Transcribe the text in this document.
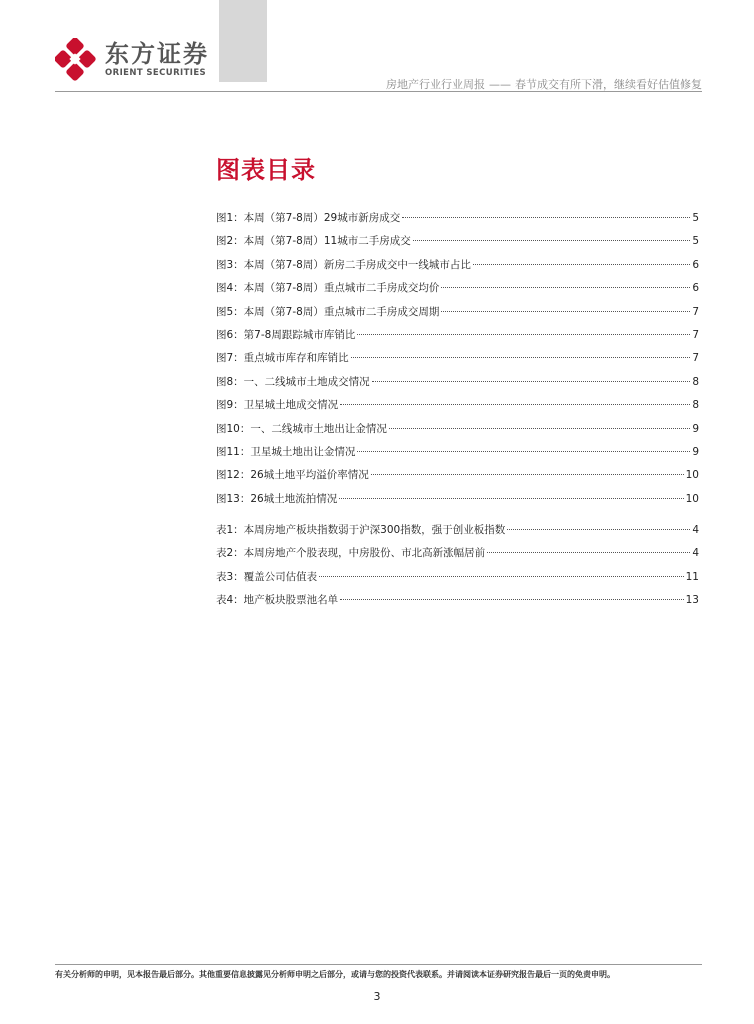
东方证券
ORIENT SECURITIES
房地产行业行业周报 —— 春节成交有所下滑，继续看好估值修复
图表目录
图1：本周（第7-8周）29城市新房成交	5
图2：本周（第7-8周）11城市二手房成交	5
图3：本周（第7-8周）新房二手房成交中一线城市占比	6
图4：本周（第7-8周）重点城市二手房成交均价	6
图5：本周（第7-8周）重点城市二手房成交周期	7
图6：第7-8周跟踪城市库销比	7
图7：重点城市库存和库销比	7
图8：一、二线城市土地成交情况	8
图9：卫星城土地成交情况	8
图10：一、二线城市土地出让金情况	9
图11：卫星城土地出让金情况	9
图12：26城土地平均溢价率情况	10
图13：26城土地流拍情况	10
表1：本周房地产板块指数弱于沪深300指数，强于创业板指数	4
表2：本周房地产个股表现，中房股份、市北高新涨幅居前	4
表3：覆盖公司估值表	11
表4：地产板块股票池名单	13
有关分析师的申明，见本报告最后部分。其他重要信息披露见分析师申明之后部分，或请与您的投资代表联系。并请阅读本证券研究报告最后一页的免责申明。
3
